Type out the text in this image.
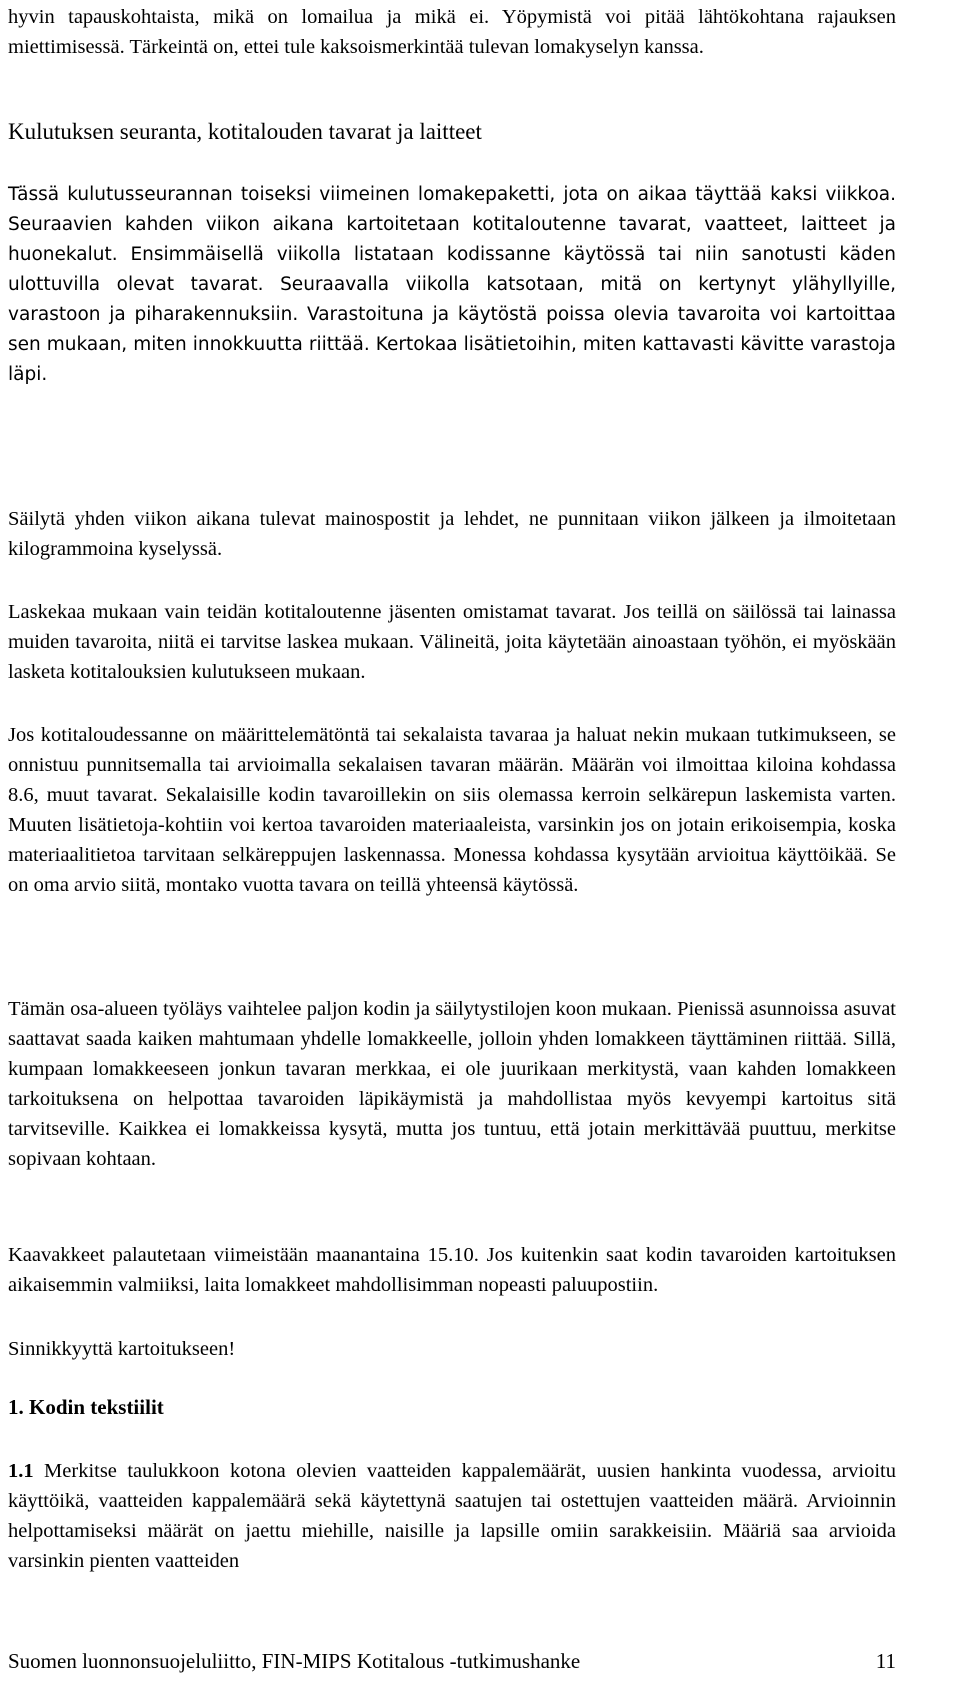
hyvin tapauskohtaista, mikä on lomailua ja mikä ei. Yöpymistä voi pitää lähtökohtana rajauksen miettimisessä. Tärkeintä on, ettei tule kaksoismerkintää tulevan lomakyselyn kanssa.
Kulutuksen seuranta, kotitalouden tavarat ja laitteet
Tässä kulutusseurannan toiseksi viimeinen lomakepaketti, jota on aikaa täyttää kaksi viikkoa. Seuraavien kahden viikon aikana kartoitetaan kotitaloutenne tavarat, vaatteet, laitteet ja huonekalut. Ensimmäisellä viikolla listataan kodissanne käytössä tai niin sanotusti käden ulottuvilla olevat tavarat. Seuraavalla viikolla katsotaan, mitä on kertynyt ylähyllyille, varastoon ja piharakennuksiin. Varastoituna ja käytöstä poissa olevia tavaroita voi kartoittaa sen mukaan, miten innokkuutta riittää. Kertokaa lisätietoihin, miten kattavasti kävitte varastoja läpi.
Säilytä yhden viikon aikana tulevat mainospostit ja lehdet, ne punnitaan viikon jälkeen ja ilmoitetaan kilogrammoina kyselyssä.
Laskekaa mukaan vain teidän kotitaloutenne jäsenten omistamat tavarat. Jos teillä on säilössä tai lainassa muiden tavaroita, niitä ei tarvitse laskea mukaan. Välineitä, joita käytetään ainoastaan työhön, ei myöskään lasketa kotitalouksien kulutukseen mukaan.
Jos kotitaloudessanne on määrittelemätöntä tai sekalaista tavaraa ja haluat nekin mukaan tutkimukseen, se onnistuu punnitsemalla tai arvioimalla sekalaisen tavaran määrän. Määrän voi ilmoittaa kiloina kohdassa 8.6, muut tavarat. Sekalaisille kodin tavaroillekin on siis olemassa kerroin selkärepun laskemista varten. Muuten lisätietoja-kohtiin voi kertoa tavaroiden materiaaleista, varsinkin jos on jotain erikoisempia, koska materiaalitietoa tarvitaan selkäreppujen laskennassa. Monessa kohdassa kysytään arvioitua käyttöikää. Se on oma arvio siitä, montako vuotta tavara on teillä yhteensä käytössä.
Tämän osa-alueen työläys vaihtelee paljon kodin ja säilytystilojen koon mukaan. Pienissä asunnoissa asuvat saattavat saada kaiken mahtumaan yhdelle lomakkeelle, jolloin yhden lomakkeen täyttäminen riittää. Sillä, kumpaan lomakkeeseen jonkun tavaran merkkaa, ei ole juurikaan merkitystä, vaan kahden lomakkeen tarkoituksena on helpottaa tavaroiden läpikäymistä ja mahdollistaa myös kevyempi kartoitus sitä tarvitseville. Kaikkea ei lomakkeissa kysytä, mutta jos tuntuu, että jotain merkittävää puuttuu, merkitse sopivaan kohtaan.
Kaavakkeet palautetaan viimeistään maanantaina 15.10. Jos kuitenkin saat kodin tavaroiden kartoituksen aikaisemmin valmiiksi, laita lomakkeet mahdollisimman nopeasti paluupostiin.
Sinnikkyyttä kartoitukseen!
1. Kodin tekstiilit
1.1 Merkitse taulukkoon kotona olevien vaatteiden kappalemäärät, uusien hankinta vuodessa, arvioitu käyttöikä, vaatteiden kappalemäärä sekä käytettynä saatujen tai ostettujen vaatteiden määrä. Arvioinnin helpottamiseksi määrät on jaettu miehille, naisille ja lapsille omiin sarakkeisiin. Määriä saa arvioida varsinkin pienten vaatteiden
Suomen luonnonsuojeluliitto, FIN-MIPS Kotitalous -tutkimushanke	11
